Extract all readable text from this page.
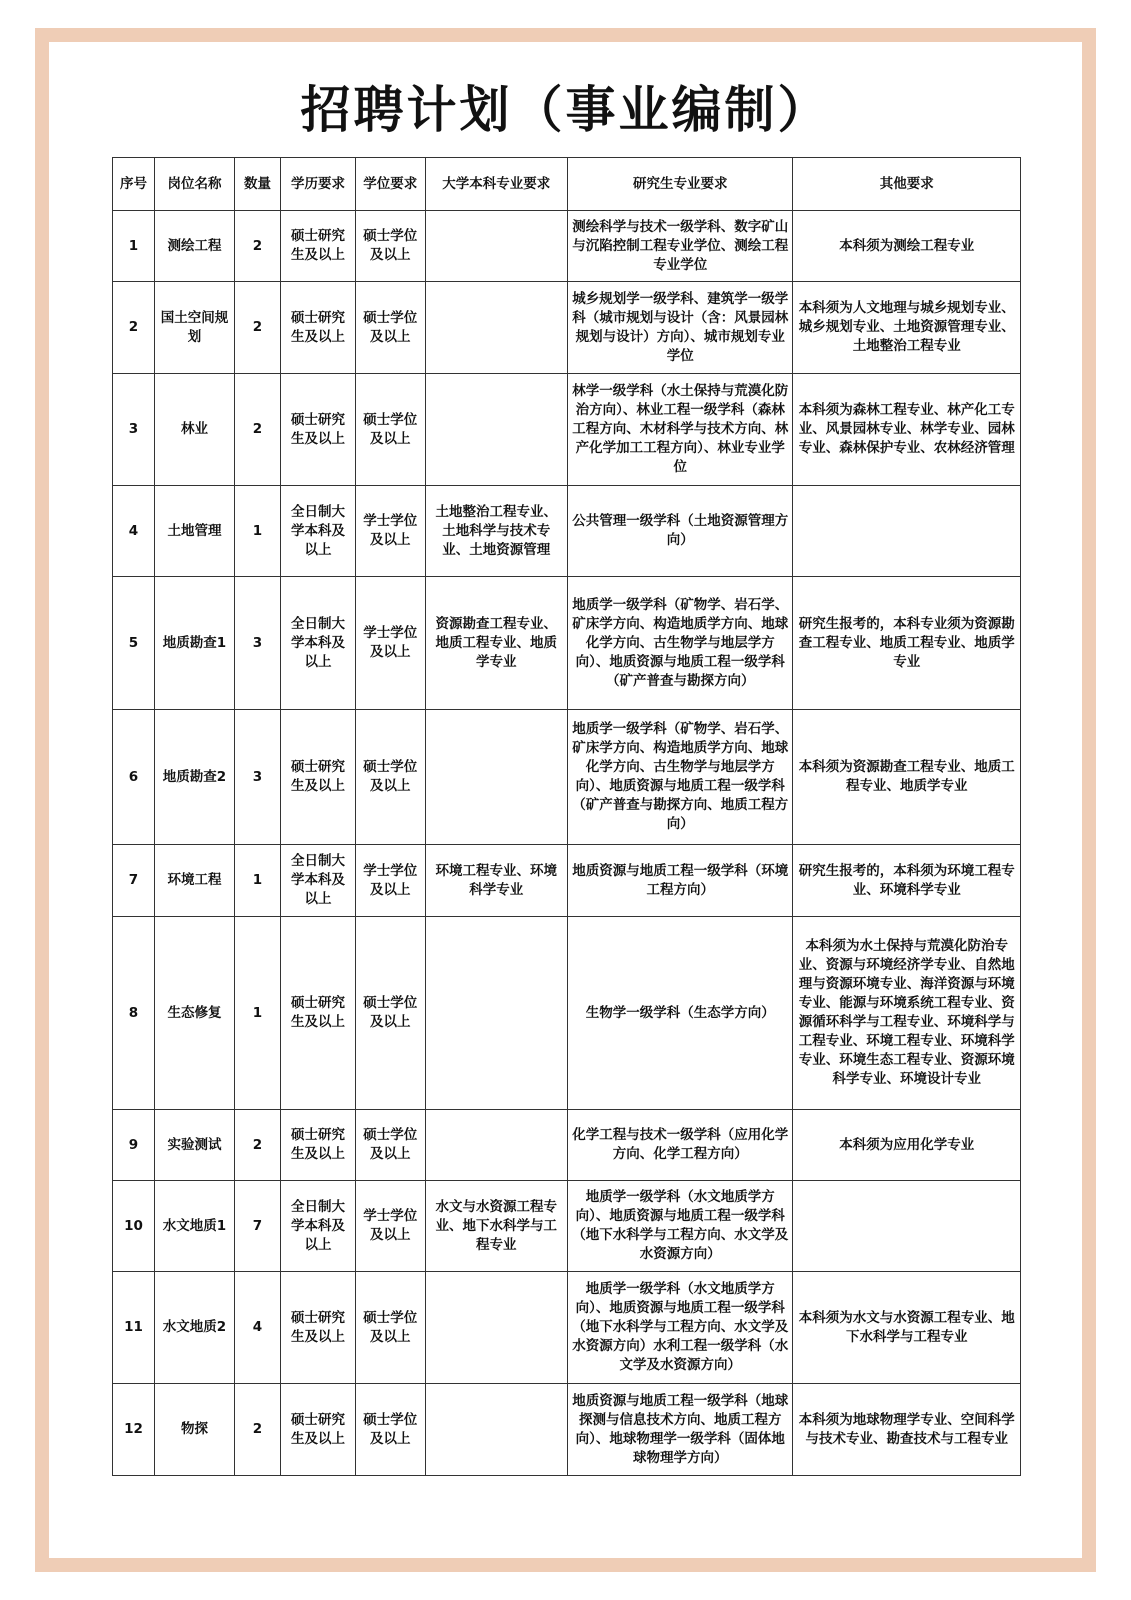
招聘计划（事业编制）
序号	岗位名称	数量	学历要求	学位要求	大学本科专业要求	研究生专业要求	其他要求
1	测绘工程	2	硕士研究生及以上	硕士学位及以上		测绘科学与技术一级学科、数字矿山与沉陷控制工程专业学位、测绘工程专业学位	本科须为测绘工程专业
2	国土空间规划	2	硕士研究生及以上	硕士学位及以上		城乡规划学一级学科、建筑学一级学科（城市规划与设计（含：风景园林规划与设计）方向）、城市规划专业学位	本科须为人文地理与城乡规划专业、城乡规划专业、土地资源管理专业、土地整治工程专业
3	林业	2	硕士研究生及以上	硕士学位及以上		林学一级学科（水土保持与荒漠化防治方向）、林业工程一级学科（森林工程方向、木材科学与技术方向、林产化学加工工程方向）、林业专业学位	本科须为森林工程专业、林产化工专业、风景园林专业、林学专业、园林专业、森林保护专业、农林经济管理
4	土地管理	1	全日制大学本科及以上	学士学位及以上	土地整治工程专业、土地科学与技术专业、土地资源管理	公共管理一级学科（土地资源管理方向）	
5	地质勘查1	3	全日制大学本科及以上	学士学位及以上	资源勘查工程专业、地质工程专业、地质学专业	地质学一级学科（矿物学、岩石学、矿床学方向、构造地质学方向、地球化学方向、古生物学与地层学方向）、地质资源与地质工程一级学科（矿产普查与勘探方向）	研究生报考的，本科专业须为资源勘查工程专业、地质工程专业、地质学专业
6	地质勘查2	3	硕士研究生及以上	硕士学位及以上		地质学一级学科（矿物学、岩石学、矿床学方向、构造地质学方向、地球化学方向、古生物学与地层学方向）、地质资源与地质工程一级学科（矿产普查与勘探方向、地质工程方向）	本科须为资源勘查工程专业、地质工程专业、地质学专业
7	环境工程	1	全日制大学本科及以上	学士学位及以上	环境工程专业、环境科学专业	地质资源与地质工程一级学科（环境工程方向）	研究生报考的，本科须为环境工程专业、环境科学专业
8	生态修复	1	硕士研究生及以上	硕士学位及以上		生物学一级学科（生态学方向）	本科须为水土保持与荒漠化防治专业、资源与环境经济学专业、自然地理与资源环境专业、海洋资源与环境专业、能源与环境系统工程专业、资源循环科学与工程专业、环境科学与工程专业、环境工程专业、环境科学专业、环境生态工程专业、资源环境科学专业、环境设计专业
9	实验测试	2	硕士研究生及以上	硕士学位及以上		化学工程与技术一级学科（应用化学方向、化学工程方向）	本科须为应用化学专业
10	水文地质1	7	全日制大学本科及以上	学士学位及以上	水文与水资源工程专业、地下水科学与工程专业	地质学一级学科（水文地质学方向）、地质资源与地质工程一级学科（地下水科学与工程方向、水文学及水资源方向）	
11	水文地质2	4	硕士研究生及以上	硕士学位及以上		地质学一级学科（水文地质学方向）、地质资源与地质工程一级学科（地下水科学与工程方向、水文学及水资源方向）水利工程一级学科（水文学及水资源方向）	本科须为水文与水资源工程专业、地下水科学与工程专业
12	物探	2	硕士研究生及以上	硕士学位及以上		地质资源与地质工程一级学科（地球探测与信息技术方向、地质工程方向）、地球物理学一级学科（固体地球物理学方向）	本科须为地球物理学专业、空间科学与技术专业、勘查技术与工程专业
